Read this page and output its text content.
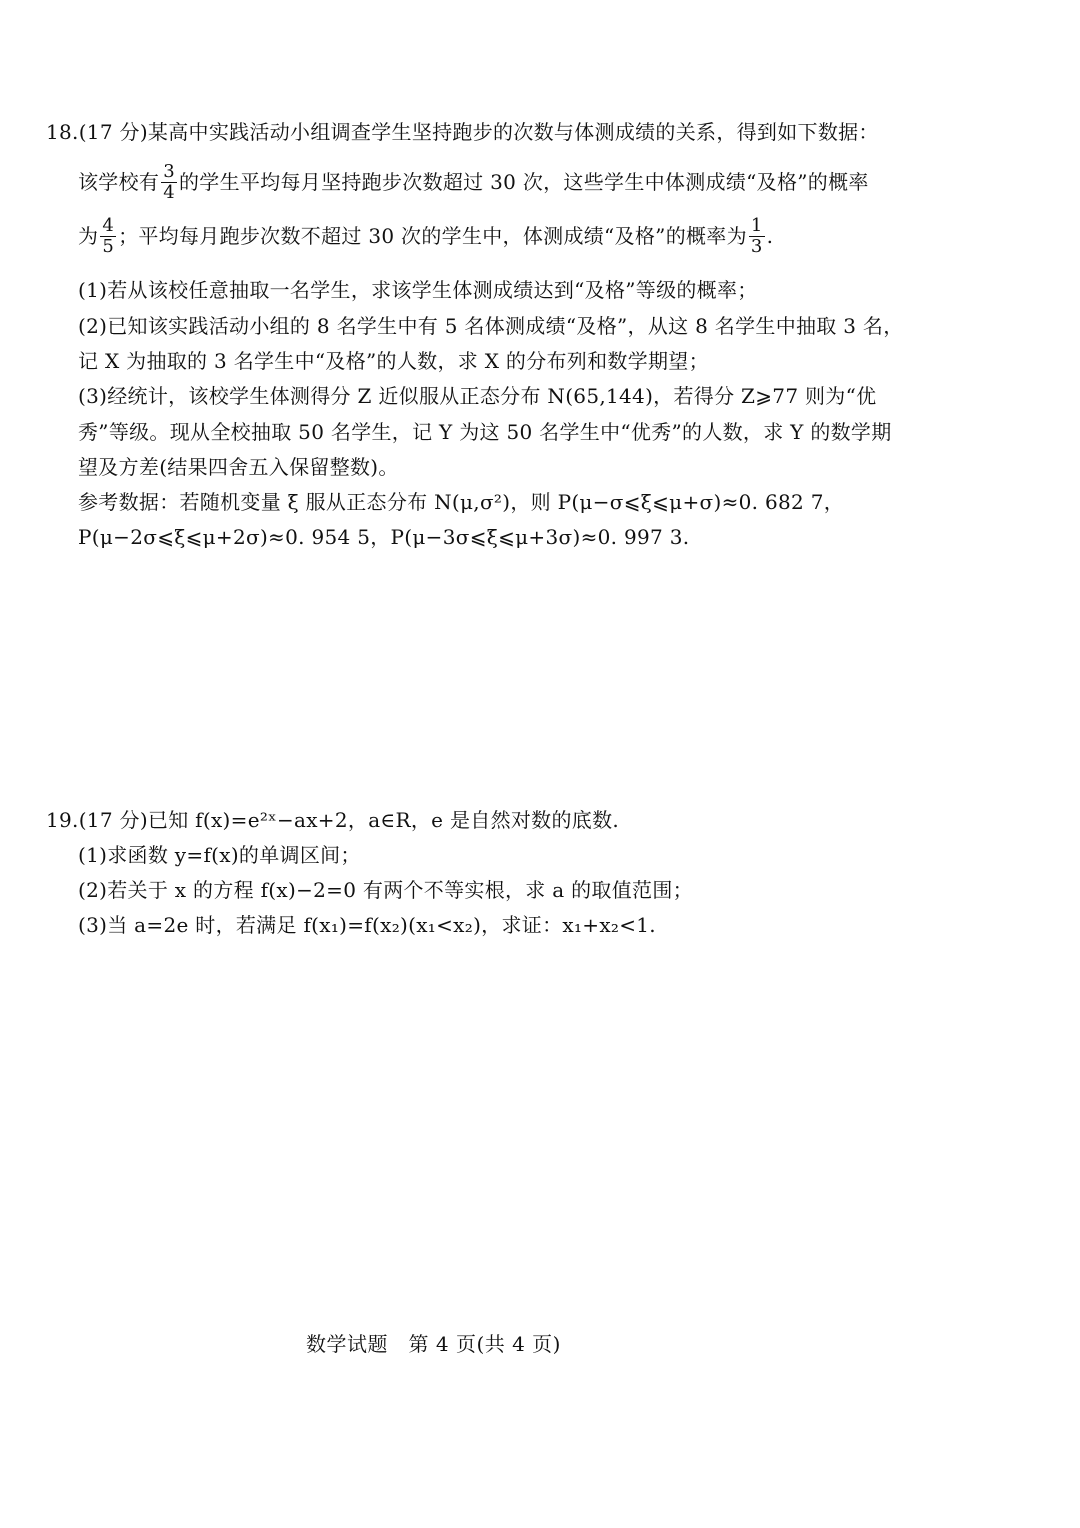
18.(17 分)某高中实践活动小组调查学生坚持跑步的次数与体测成绩的关系，得到如下数据：
该学校有 $\frac{3}{4}$ 的学生平均每月坚持跑步次数超过 30 次，这些学生中体测成绩“及格”的概率
为 $\frac{4}{5}$ ；平均每月跑步次数不超过 30 次的学生中，体测成绩“及格”的概率为 $\frac{1}{3}$ .
(1)若从该校任意抽取一名学生，求该学生体测成绩达到“及格”等级的概率；
(2)已知该实践活动小组的 8 名学生中有 5 名体测成绩“及格”，从这 8 名学生中抽取 3 名，
记 X 为抽取的 3 名学生中“及格”的人数，求 X 的分布列和数学期望；
(3)经统计，该校学生体测得分 Z 近似服从正态分布 N(65,144)，若得分 Z⩾77 则为“优
秀”等级。现从全校抽取 50 名学生，记 Y 为这 50 名学生中“优秀”的人数，求 Y 的数学期
望及方差(结果四舍五入保留整数)。
参考数据：若随机变量 ξ 服从正态分布 N(μ,σ²)，则 P(μ−σ⩽ξ⩽μ+σ)≈0. 682 7，
P(μ−2σ⩽ξ⩽μ+2σ)≈0. 954 5，P(μ−3σ⩽ξ⩽μ+3σ)≈0. 997 3.
19.(17 分)已知 f(x)=e²ˣ−ax+2，a∈R，e 是自然对数的底数.
(1)求函数 y=f(x)的单调区间；
(2)若关于 x 的方程 f(x)−2=0 有两个不等实根，求 a 的取值范围；
(3)当 a=2e 时，若满足 f(x₁)=f(x₂)(x₁<x₂)，求证：x₁+x₂<1.
数学试题　第 4 页(共 4 页)
